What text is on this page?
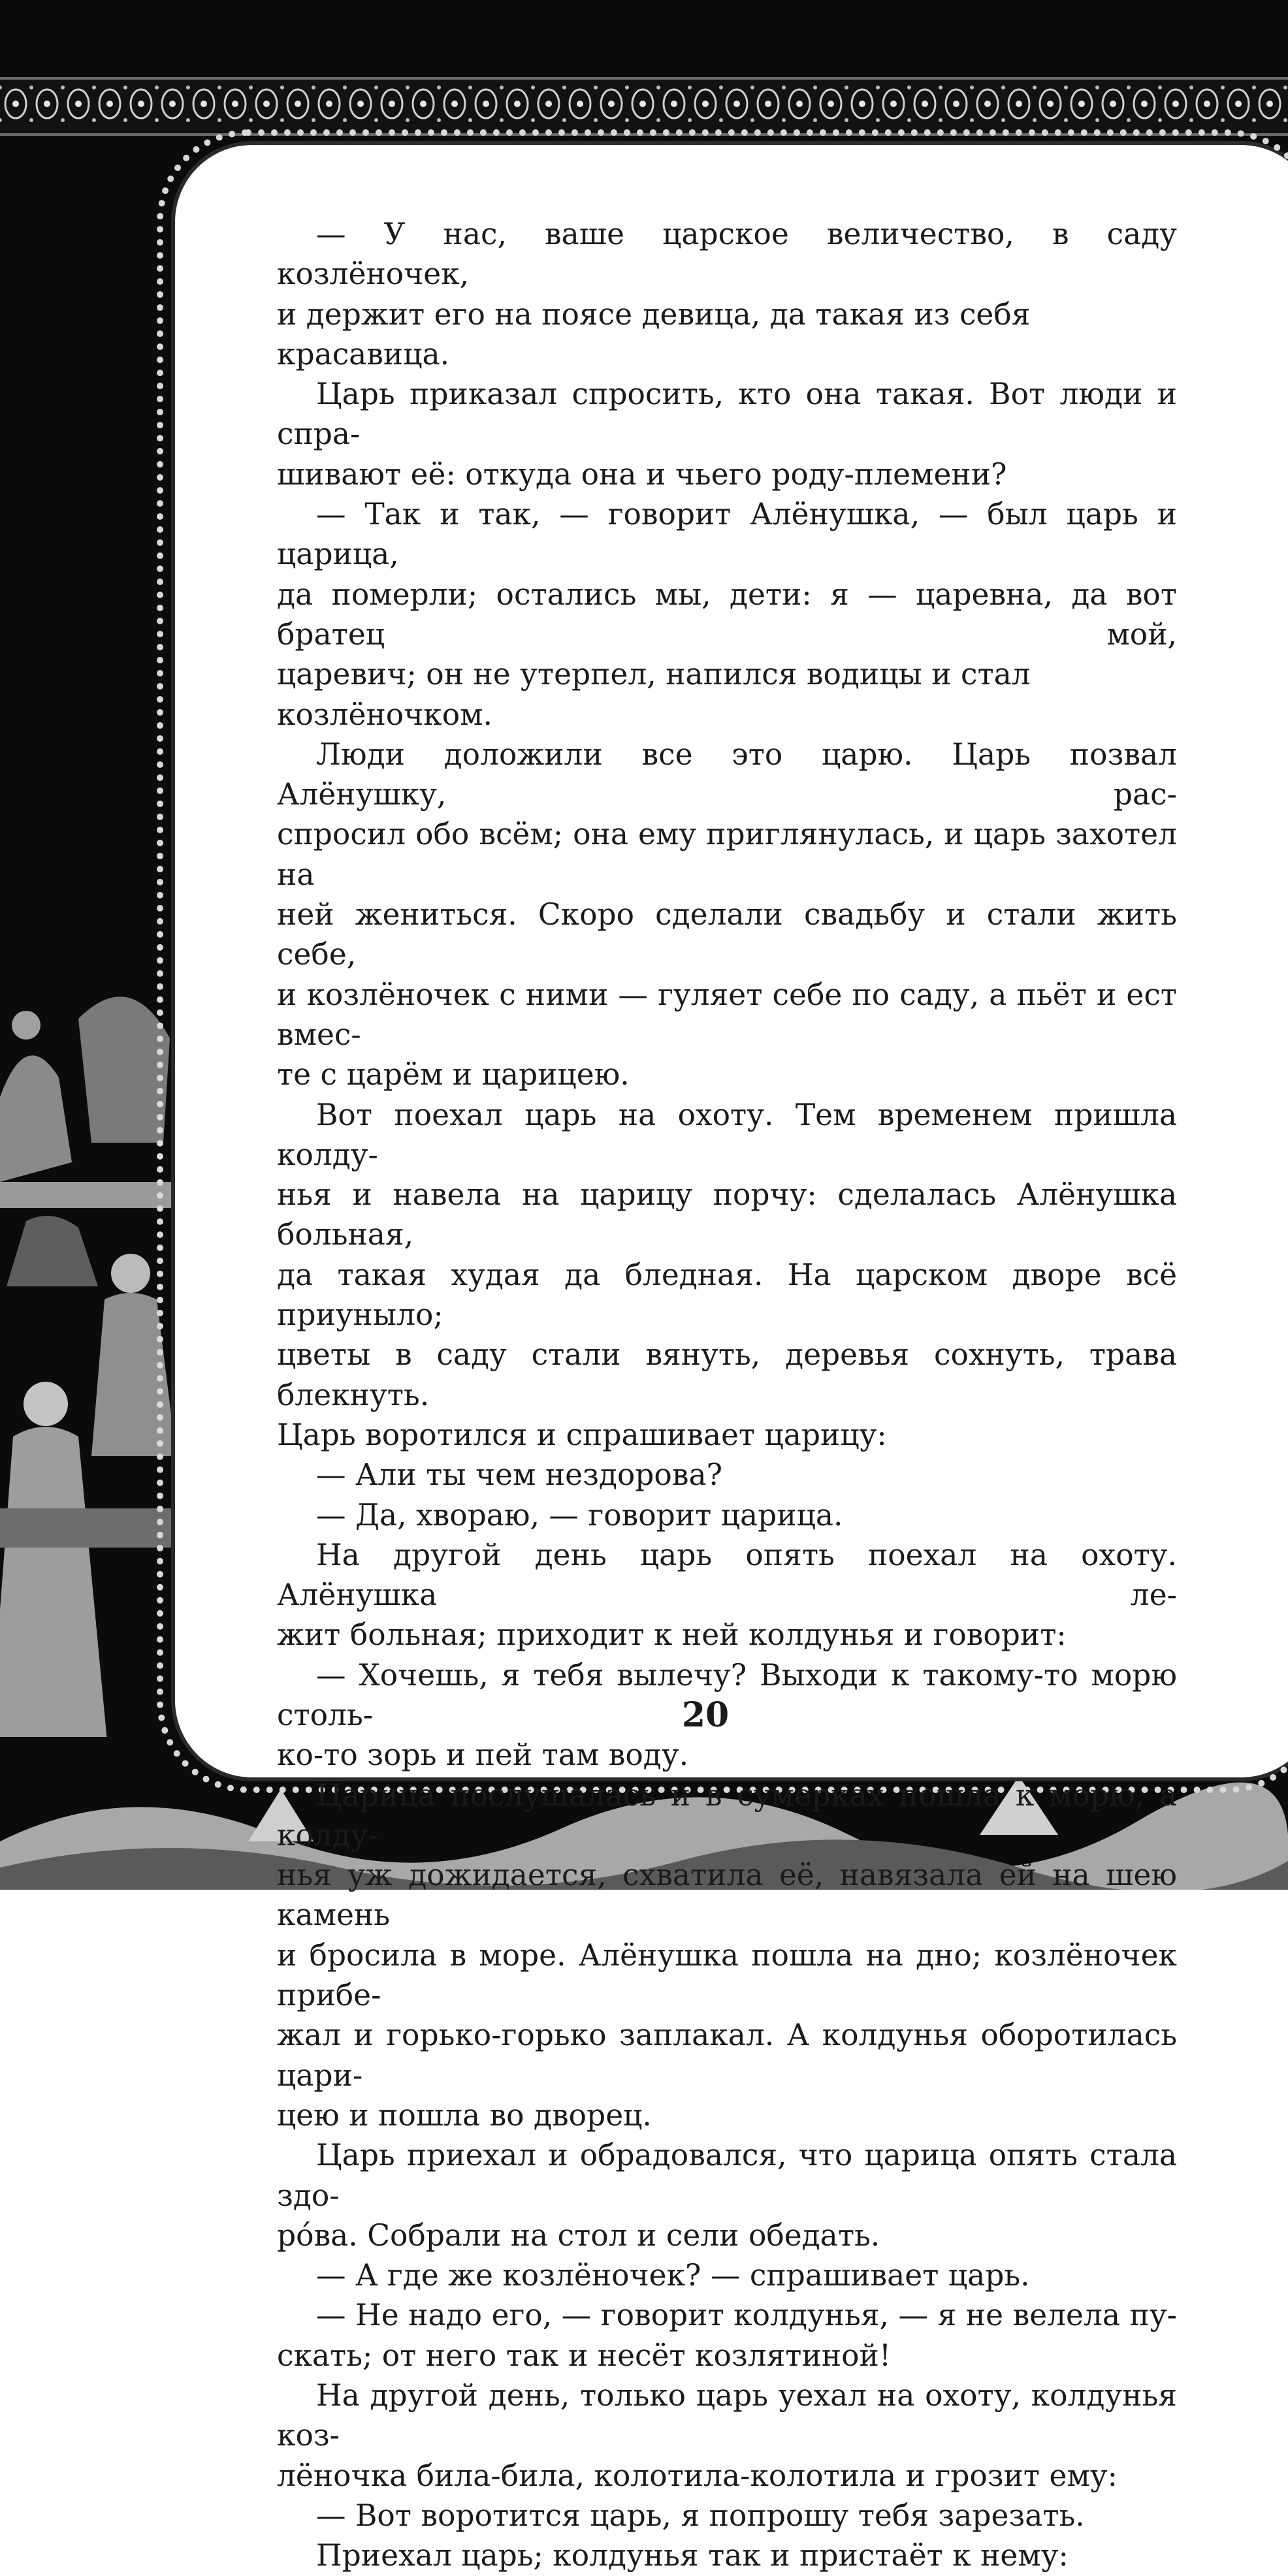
— У нас, ваше царское величество, в саду козлёночек,
и держит его на поясе девица, да такая из себя красавица.

Царь приказал спросить, кто она такая. Вот люди и спра-
шивают её: откуда она и чьего роду-племени?

— Так и так, — говорит Алёнушка, — был царь и царица,
да померли; остались мы, дети: я — царевна, да вот братец мой,
царевич; он не утерпел, напился водицы и стал козлёночком.

Люди доложили все это царю. Царь позвал Алёнушку, рас-
спросил обо всём; она ему приглянулась, и царь захотел на
ней жениться. Скоро сделали свадьбу и стали жить себе,
и козлёночек с ними — гуляет себе по саду, а пьёт и ест вмес-
те с царём и царицею.

Вот поехал царь на охоту. Тем временем пришла колду-
нья и навела на царицу порчу: сделалась Алёнушка больная,
да такая худая да бледная. На царском дворе всё приуныло;
цветы в саду стали вянуть, деревья сохнуть, трава блекнуть.
Царь воротился и спрашивает царицу:

— Али ты чем нездорова?

— Да, хвораю, — говорит царица.

На другой день царь опять поехал на охоту. Алёнушка ле-
жит больная; приходит к ней колдунья и говорит:

— Хочешь, я тебя вылечу? Выходи к такому-то морю столь-
ко-то зорь и пей там воду.

Царица послушалась и в сумерках пошла к морю, а колду-
нья уж дожидается, схватила её, навязала ей на шею камень
и бросила в море. Алёнушка пошла на дно; козлёночек прибе-
жал и горько-горько заплакал. А колдунья оборотилась цари-
цею и пошла во дворец.

Царь приехал и обрадовался, что царица опять стала здо-
ро́ва. Собрали на стол и сели обедать.

— А где же козлёночек? — спрашивает царь.

— Не надо его, — говорит колдунья, — я не велела пу-
скать; от него так и несёт козлятиной!

На другой день, только царь уехал на охоту, колдунья коз-
лёночка била-била, колотила-колотила и грозит ему:

— Вот воротится царь, я попрошу тебя зарезать.

Приехал царь; колдунья так и пристаёт к нему:

20
